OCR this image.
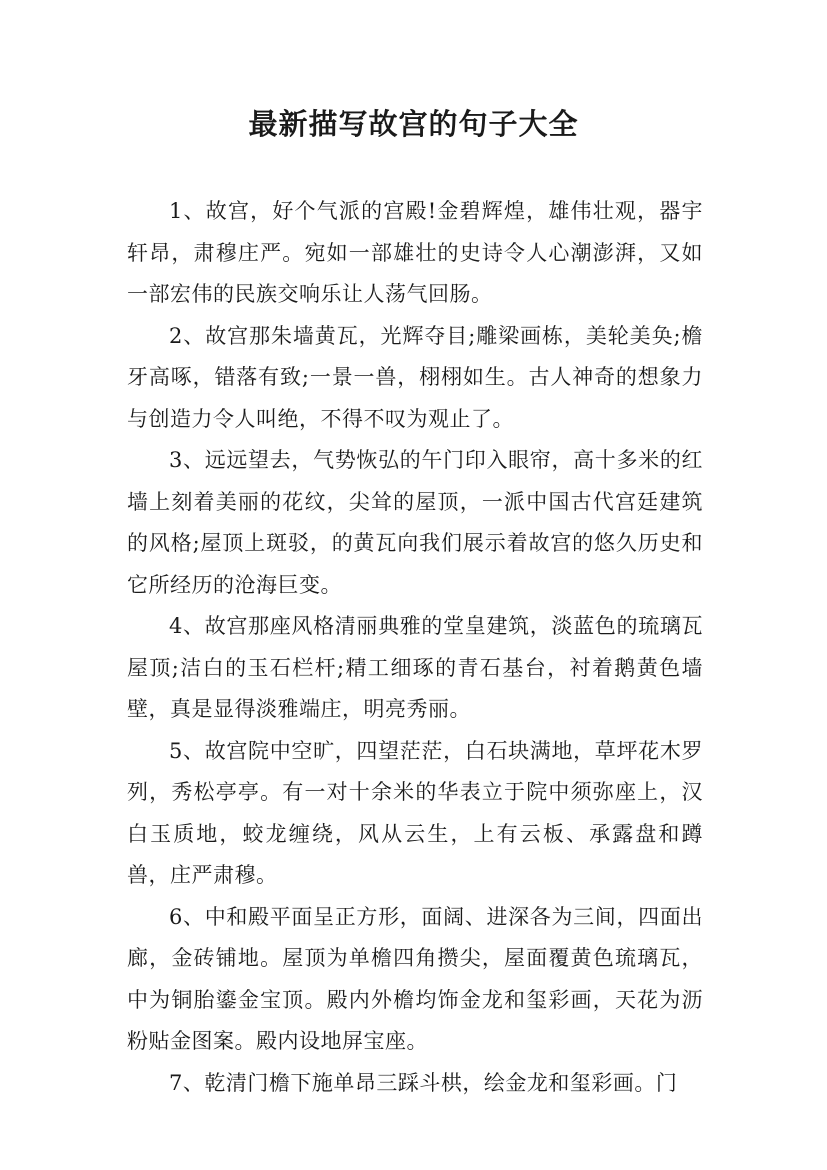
最新描写故宫的句子大全

1、故宫，好个气派的宫殿!金碧辉煌，雄伟壮观，器宇轩昂，肃穆庄严。宛如一部雄壮的史诗令人心潮澎湃，又如一部宏伟的民族交响乐让人荡气回肠。

2、故宫那朱墙黄瓦，光辉夺目;雕梁画栋，美轮美奂;檐牙高啄，错落有致;一景一兽，栩栩如生。古人神奇的想象力与创造力令人叫绝，不得不叹为观止了。

3、远远望去，气势恢弘的午门印入眼帘，高十多米的红墙上刻着美丽的花纹，尖耸的屋顶，一派中国古代宫廷建筑的风格;屋顶上斑驳，的黄瓦向我们展示着故宫的悠久历史和它所经历的沧海巨变。

4、故宫那座风格清丽典雅的堂皇建筑，淡蓝色的琉璃瓦屋顶;洁白的玉石栏杆;精工细琢的青石基台，衬着鹅黄色墙壁，真是显得淡雅端庄，明亮秀丽。

5、故宫院中空旷，四望茫茫，白石块满地，草坪花木罗列，秀松亭亭。有一对十余米的华表立于院中须弥座上，汉白玉质地，蛟龙缠绕，风从云生，上有云板、承露盘和蹲兽，庄严肃穆。

6、中和殿平面呈正方形，面阔、进深各为三间，四面出廊，金砖铺地。屋顶为单檐四角攒尖，屋面覆黄色琉璃瓦，中为铜胎鎏金宝顶。殿内外檐均饰金龙和玺彩画，天花为沥粉贴金图案。殿内设地屏宝座。

7、乾清门檐下施单昂三踩斗栱，绘金龙和玺彩画。门
